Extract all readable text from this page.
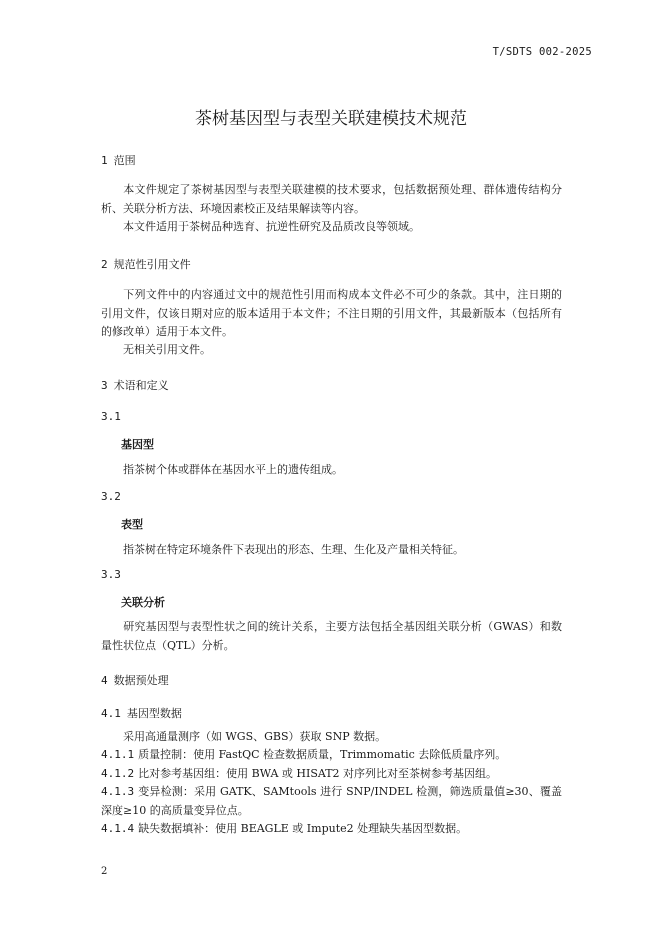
T/SDTS 002-2025
茶树基因型与表型关联建模技术规范
1 范围
本文件规定了茶树基因型与表型关联建模的技术要求，包括数据预处理、群体遗传结构分析、关联分析方法、环境因素校正及结果解读等内容。
本文件适用于茶树品种选育、抗逆性研究及品质改良等领域。
2 规范性引用文件
下列文件中的内容通过文中的规范性引用而构成本文件必不可少的条款。其中，注日期的引用文件，仅该日期对应的版本适用于本文件；不注日期的引用文件，其最新版本（包括所有的修改单）适用于本文件。
无相关引用文件。
3 术语和定义
3.1
基因型
指茶树个体或群体在基因水平上的遗传组成。
3.2
表型
指茶树在特定环境条件下表现出的形态、生理、生化及产量相关特征。
3.3
关联分析
研究基因型与表型性状之间的统计关系，主要方法包括全基因组关联分析（GWAS）和数量性状位点（QTL）分析。
4 数据预处理
4.1 基因型数据
采用高通量测序（如 WGS、GBS）获取 SNP 数据。
4.1.1 质量控制：使用 FastQC 检查数据质量，Trimmomatic 去除低质量序列。
4.1.2 比对参考基因组：使用 BWA 或 HISAT2 对序列比对至茶树参考基因组。
4.1.3 变异检测：采用 GATK、SAMtools 进行 SNP/INDEL 检测，筛选质量值≥30、覆盖深度≥10 的高质量变异位点。
4.1.4 缺失数据填补：使用 BEAGLE 或 Impute2 处理缺失基因型数据。
2
